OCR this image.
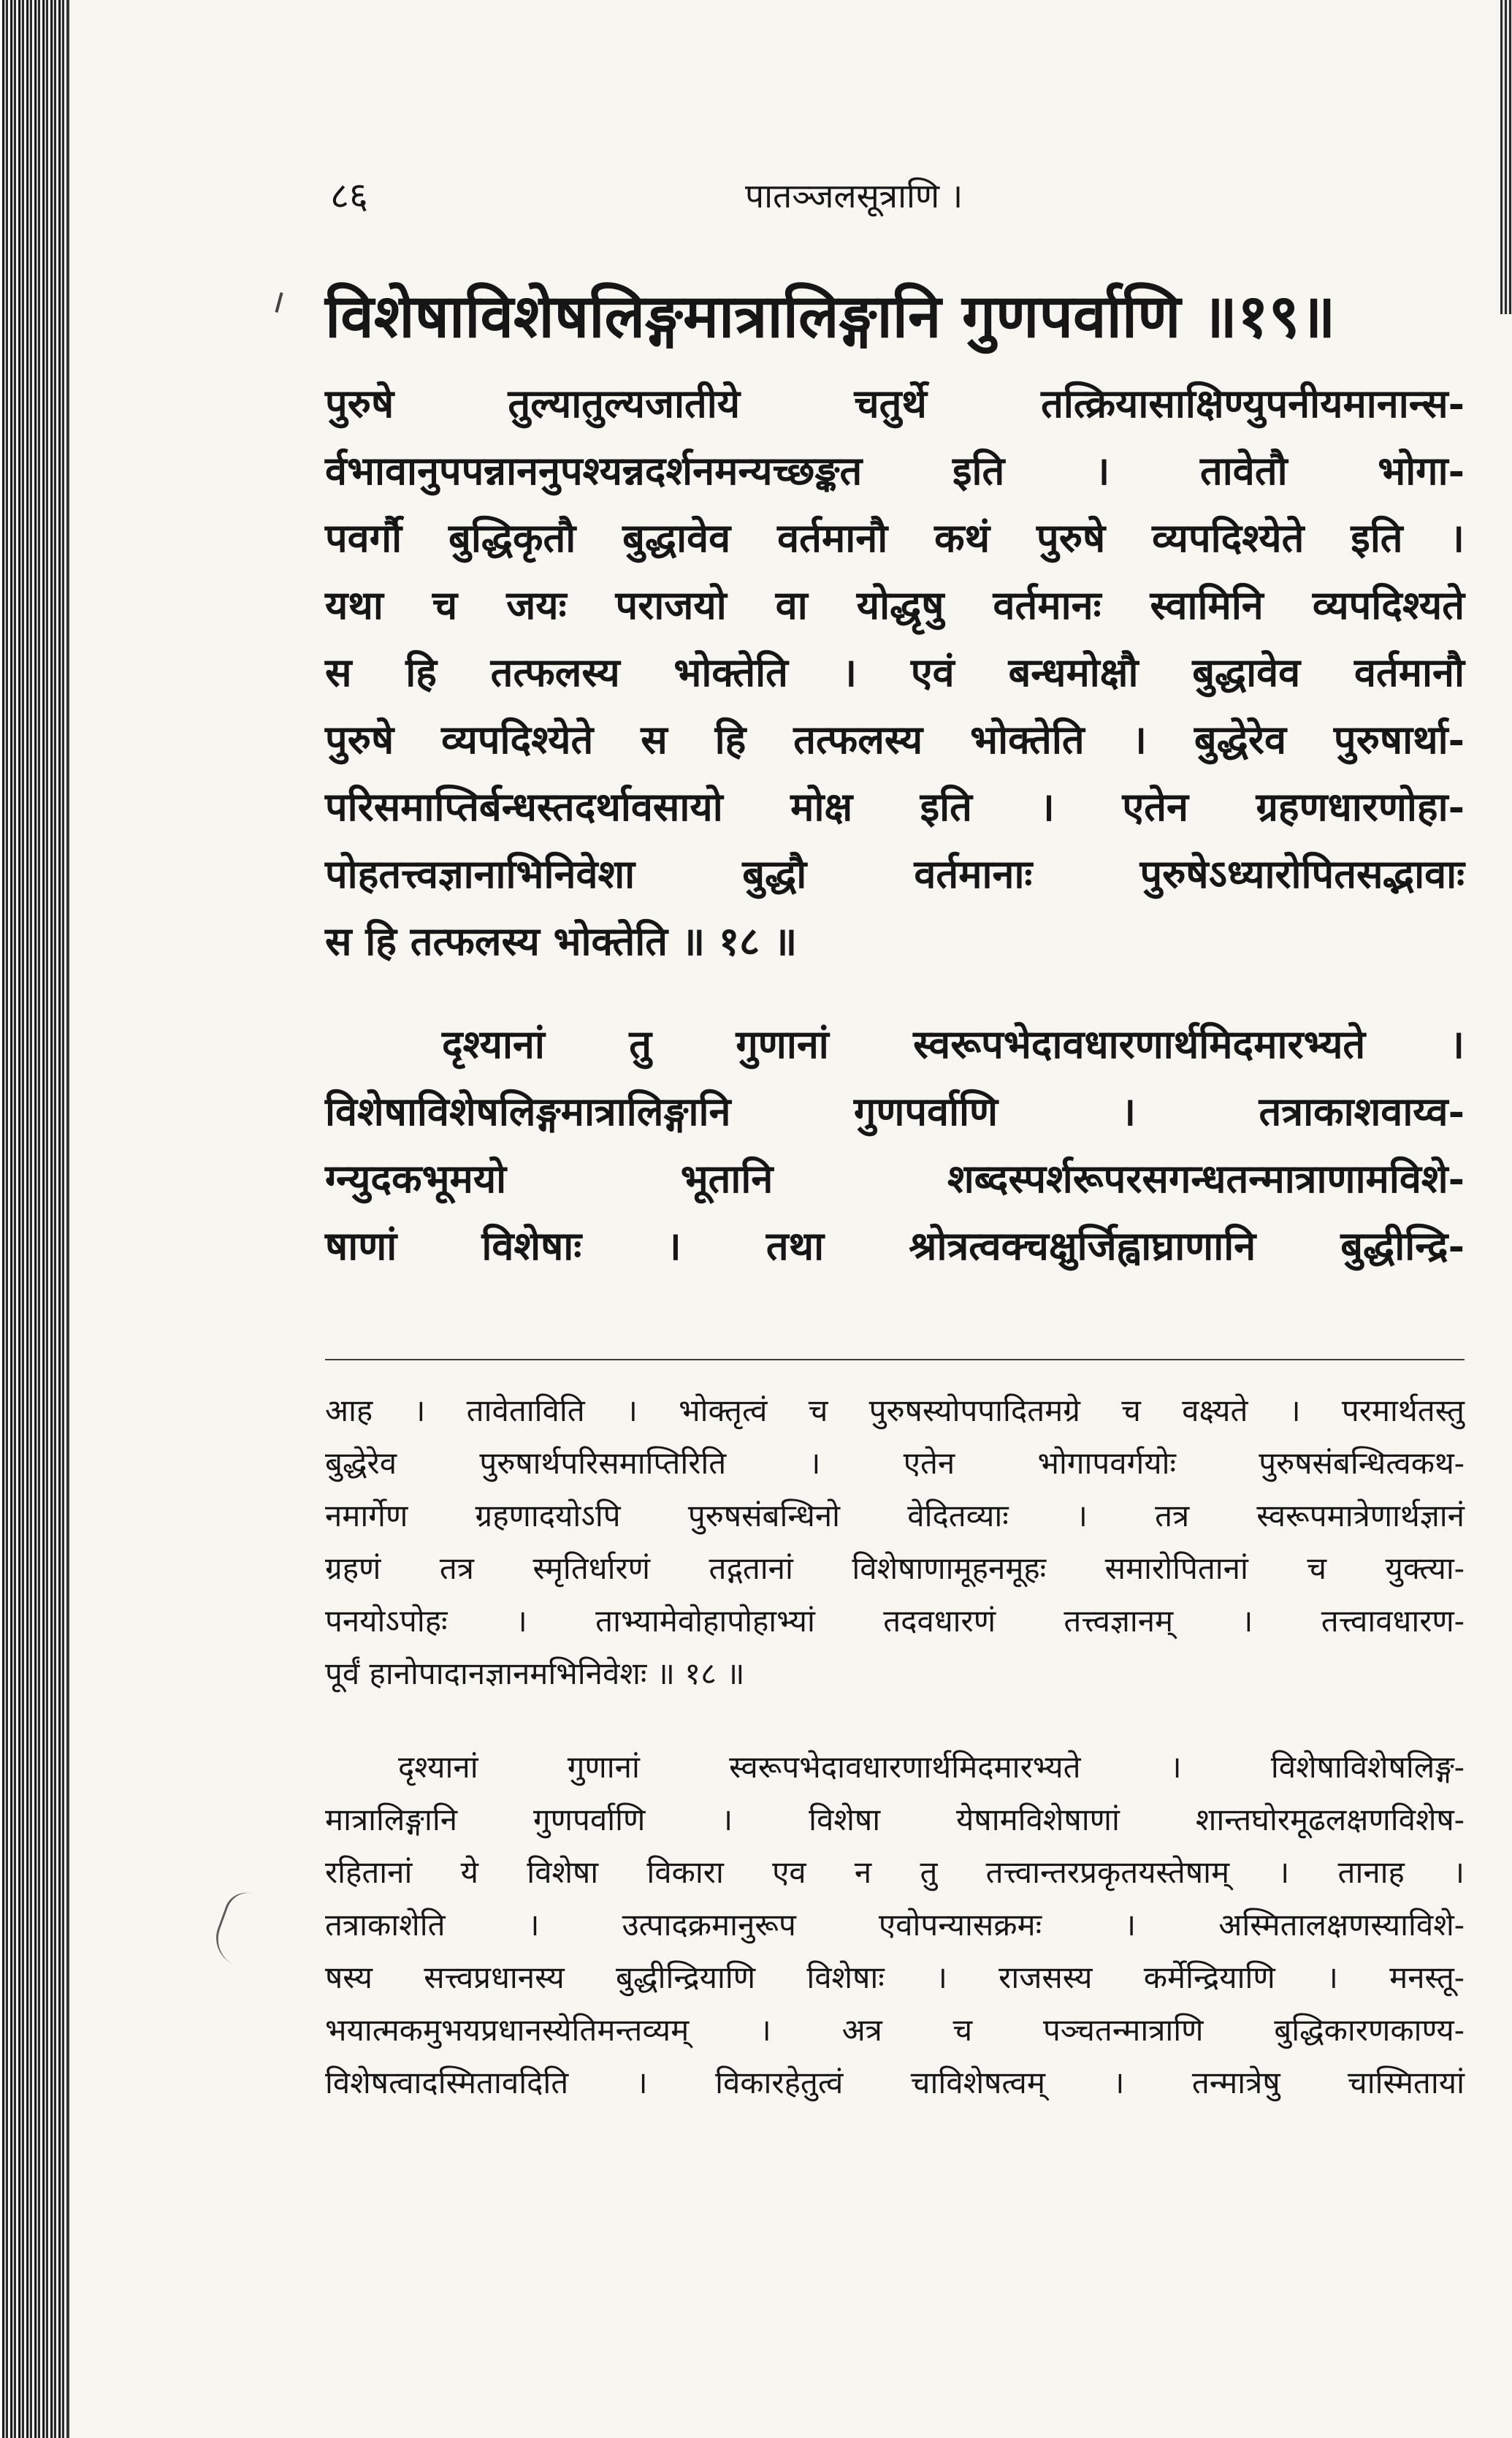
८६	पातञ्जलसूत्राणि ।
विशेषाविशेषलिङ्गमात्रालिङ्गानि गुणपर्वाणि ॥१९॥
पुरुषे तुल्यातुल्यजातीये चतुर्थे तत्क्रियासाक्षिण्युपनीयमानान्स-
र्वभावानुपपन्नाननुपश्यन्नदर्शनमन्यच्छङ्कत इति । तावेतौ भोगा-
पवर्गौ बुद्धिकृतौ बुद्धावेव वर्तमानौ कथं पुरुषे व्यपदिश्येते इति ।
यथा च जयः पराजयो वा योद्धृषु वर्तमानः स्वामिनि व्यपदिश्यते
स हि तत्फलस्य भोक्तेति । एवं बन्धमोक्षौ बुद्धावेव वर्तमानौ
पुरुषे व्यपदिश्येते स हि तत्फलस्य भोक्तेति । बुद्धेरेव पुरुषार्था-
परिसमाप्तिर्बन्धस्तदर्थावसायो मोक्ष इति । एतेन ग्रहणधारणोहा-
पोहतत्त्वज्ञानाभिनिवेशा बुद्धौ वर्तमानाः पुरुषेऽध्यारोपितसद्भावाः
स हि तत्फलस्य भोक्तेति ॥ १८ ॥
दृश्यानां तु गुणानां स्वरूपभेदावधारणार्थमिदमारभ्यते ।
विशेषाविशेषलिङ्गमात्रालिङ्गानि गुणपर्वाणि । तत्राकाशवाय्व-
ग्न्युदकभूमयो भूतानि शब्दस्पर्शरूपरसगन्धतन्मात्राणामविशे-
षाणां विशेषाः । तथा श्रोत्रत्वक्चक्षुर्जिह्वाघ्राणानि बुद्धीन्द्रि-
आह । तावेताविति । भोक्तृत्वं च पुरुषस्योपपादितमग्रे च वक्ष्यते । परमार्थतस्तु
बुद्धेरेव पुरुषार्थपरिसमाप्तिरिति । एतेन भोगापवर्गयोः पुरुषसंबन्धित्वकथ-
नमार्गेण ग्रहणादयोऽपि पुरुषसंबन्धिनो वेदितव्याः । तत्र स्वरूपमात्रेणार्थज्ञानं
ग्रहणं तत्र स्मृतिर्धारणं तद्गतानां विशेषाणामूहनमूहः समारोपितानां च युक्त्या-
पनयोऽपोहः । ताभ्यामेवोहापोहाभ्यां तदवधारणं तत्त्वज्ञानम् । तत्त्वावधारण-
पूर्वं हानोपादानज्ञानमभिनिवेशः ॥ १८ ॥
दृश्यानां गुणानां स्वरूपभेदावधारणार्थमिदमारभ्यते । विशेषाविशेषलिङ्ग-
मात्रालिङ्गानि गुणपर्वाणि । विशेषा येषामविशेषाणां शान्तघोरमूढलक्षणविशेष-
रहितानां ये विशेषा विकारा एव न तु तत्त्वान्तरप्रकृतयस्तेषाम् । तानाह ।
तत्राकाशेति । उत्पादक्रमानुरूप एवोपन्यासक्रमः । अस्मितालक्षणस्याविशे-
षस्य सत्त्वप्रधानस्य बुद्धीन्द्रियाणि विशेषाः । राजसस्य कर्मेन्द्रियाणि । मनस्तू-
भयात्मकमुभयप्रधानस्येतिमन्तव्यम् । अत्र च पञ्चतन्मात्राणि बुद्धिकारणकाण्य-
विशेषत्वादस्मितावदिति । विकारहेतुत्वं चाविशेषत्वम् । तन्मात्रेषु चास्मितायां
